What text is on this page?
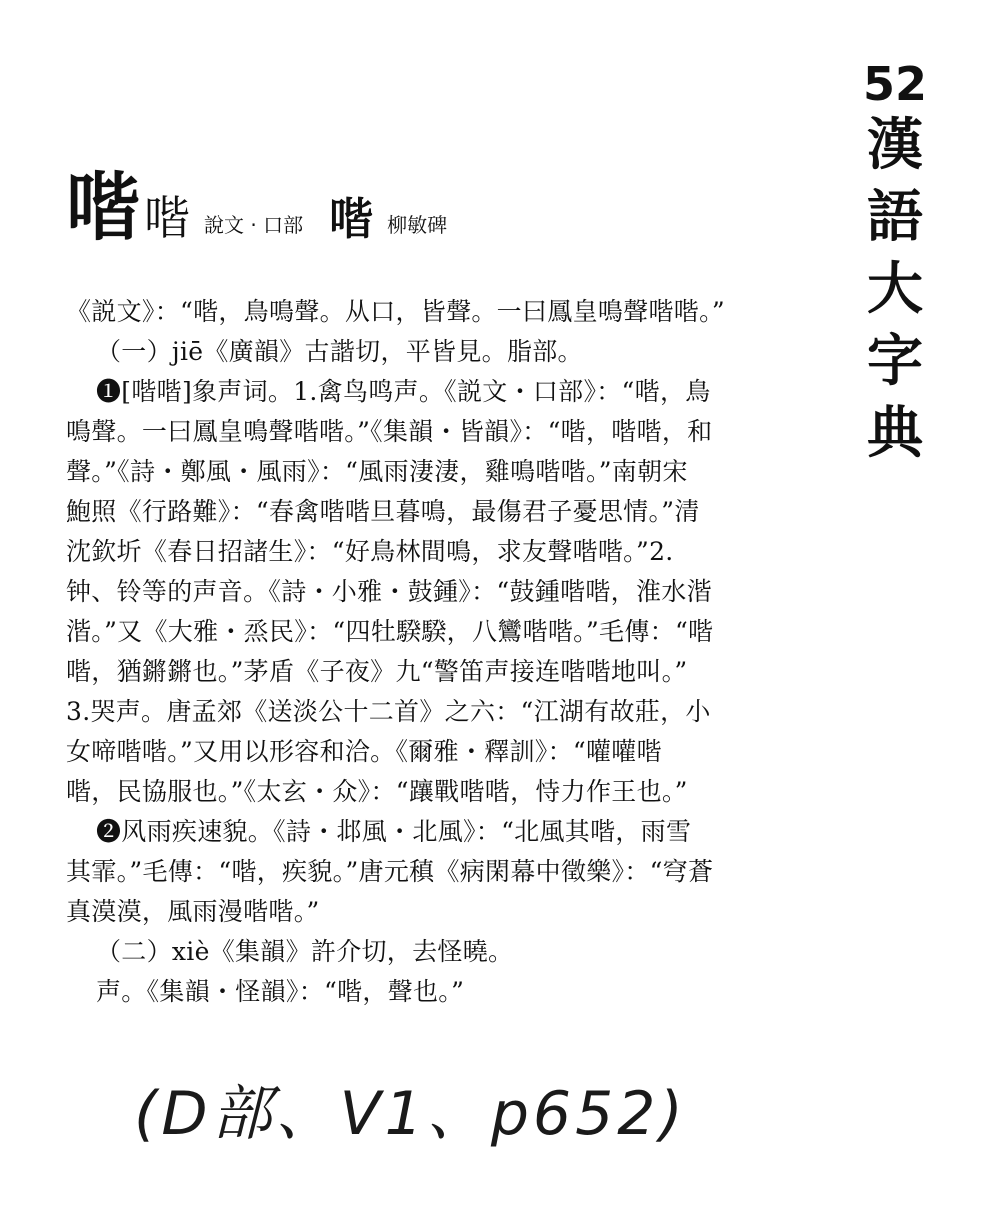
52
漢
語
大
字
典
喈 喈 說文 · 口部 喈 柳敏碑
《説文》：“喈，鳥鳴聲。从口，皆聲。一曰鳳皇鳴聲喈喈。”
（一）jiē《廣韻》古諧切，平皆見。脂部。
❶[喈喈]象声词。1.禽鸟鸣声。《説文・口部》：“喈，鳥
鳴聲。一曰鳳皇鳴聲喈喈。”《集韻・皆韻》：“喈，喈喈，和
聲。”《詩・鄭風・風雨》：“風雨淒淒，雞鳴喈喈。”南朝宋
鮑照《行路難》：“春禽喈喈旦暮鳴，最傷君子憂思情。”清
沈欽圻《春日招諸生》：“好鳥林間鳴，求友聲喈喈。”2.
钟、铃等的声音。《詩・小雅・鼓鍾》：“鼓鍾喈喈，淮水湝
湝。”又《大雅・烝民》：“四牡騤騤，八鸞喈喈。”毛傳：“喈
喈，猶鏘鏘也。”茅盾《子夜》九“警笛声接连喈喈地叫。”
3.哭声。唐孟郊《送淡公十二首》之六：“江湖有故莊，小
女啼喈喈。”又用以形容和洽。《爾雅・釋訓》：“嚾嚾喈
喈，民協服也。”《太玄・众》：“躟戰喈喈，恃力作王也。”
❷风雨疾速貌。《詩・邶風・北風》：“北風其喈，雨雪
其霏。”毛傳：“喈，疾貌。”唐元稹《病閑幕中徵樂》：“穹蒼
真漠漠，風雨漫喈喈。”
（二）xiè《集韻》許介切，去怪曉。
声。《集韻・怪韻》：“喈，聲也。”
(D部、V1、p652)
